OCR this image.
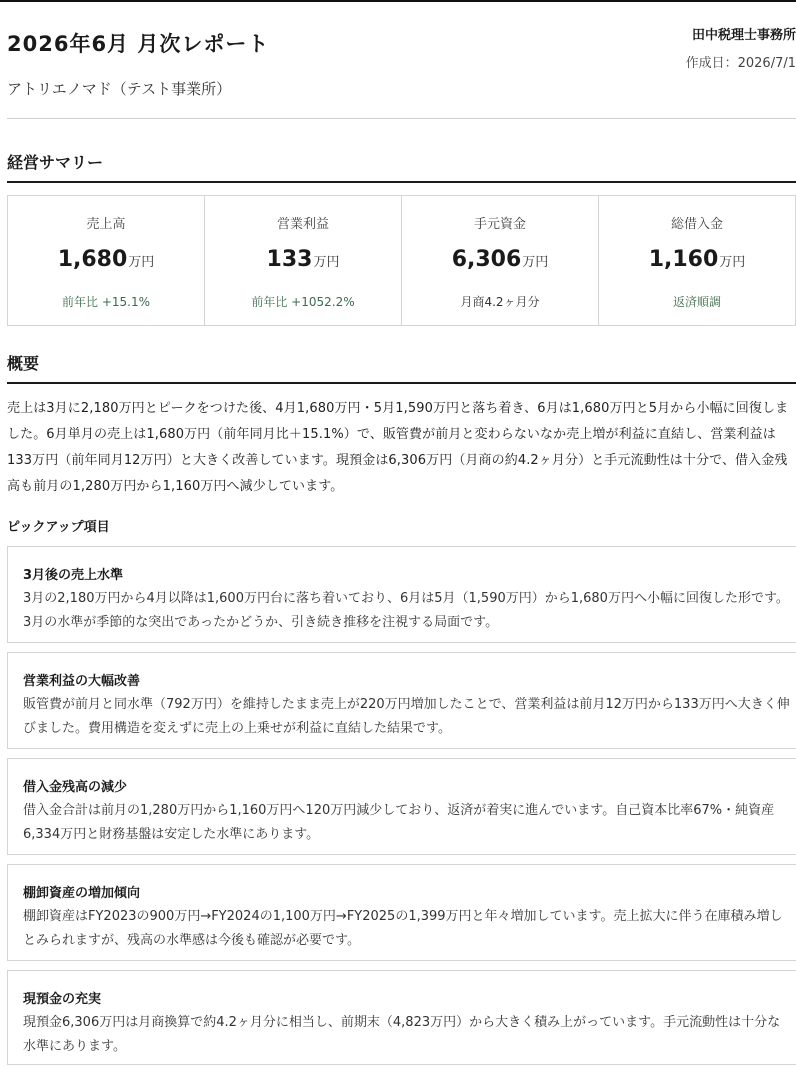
2026年6月 月次レポート
アトリエノマド（テスト事業所）
田中税理士事務所
作成日：2026/7/1
経営サマリー
売上高
1,680万円
前年比 +15.1%
営業利益
133万円
前年比 +1052.2%
手元資金
6,306万円
月商4.2ヶ月分
総借入金
1,160万円
返済順調
概要
売上は3月に2,180万円とピークをつけた後、4月1,680万円・5月1,590万円と落ち着き、6月は1,680万円と5月から小幅に回復しました。6月単月の売上は1,680万円（前年同月比＋15.1%）で、販管費が前月と変わらないなか売上増が利益に直結し、営業利益は133万円（前年同月12万円）と大きく改善しています。現預金は6,306万円（月商の約4.2ヶ月分）と手元流動性は十分で、借入金残高も前月の1,280万円から1,160万円へ減少しています。
ピックアップ項目
3月後の売上水準
3月の2,180万円から4月以降は1,600万円台に落ち着いており、6月は5月（1,590万円）から1,680万円へ小幅に回復した形です。3月の水準が季節的な突出であったかどうか、引き続き推移を注視する局面です。
営業利益の大幅改善
販管費が前月と同水準（792万円）を維持したまま売上が220万円増加したことで、営業利益は前月12万円から133万円へ大きく伸びました。費用構造を変えずに売上の上乗せが利益に直結した結果です。
借入金残高の減少
借入金合計は前月の1,280万円から1,160万円へ120万円減少しており、返済が着実に進んでいます。自己資本比率67%・純資産6,334万円と財務基盤は安定した水準にあります。
棚卸資産の増加傾向
棚卸資産はFY2023の900万円→FY2024の1,100万円→FY2025の1,399万円と年々増加しています。売上拡大に伴う在庫積み増しとみられますが、残高の水準感は今後も確認が必要です。
現預金の充実
現預金6,306万円は月商換算で約4.2ヶ月分に相当し、前期末（4,823万円）から大きく積み上がっています。手元流動性は十分な水準にあります。
